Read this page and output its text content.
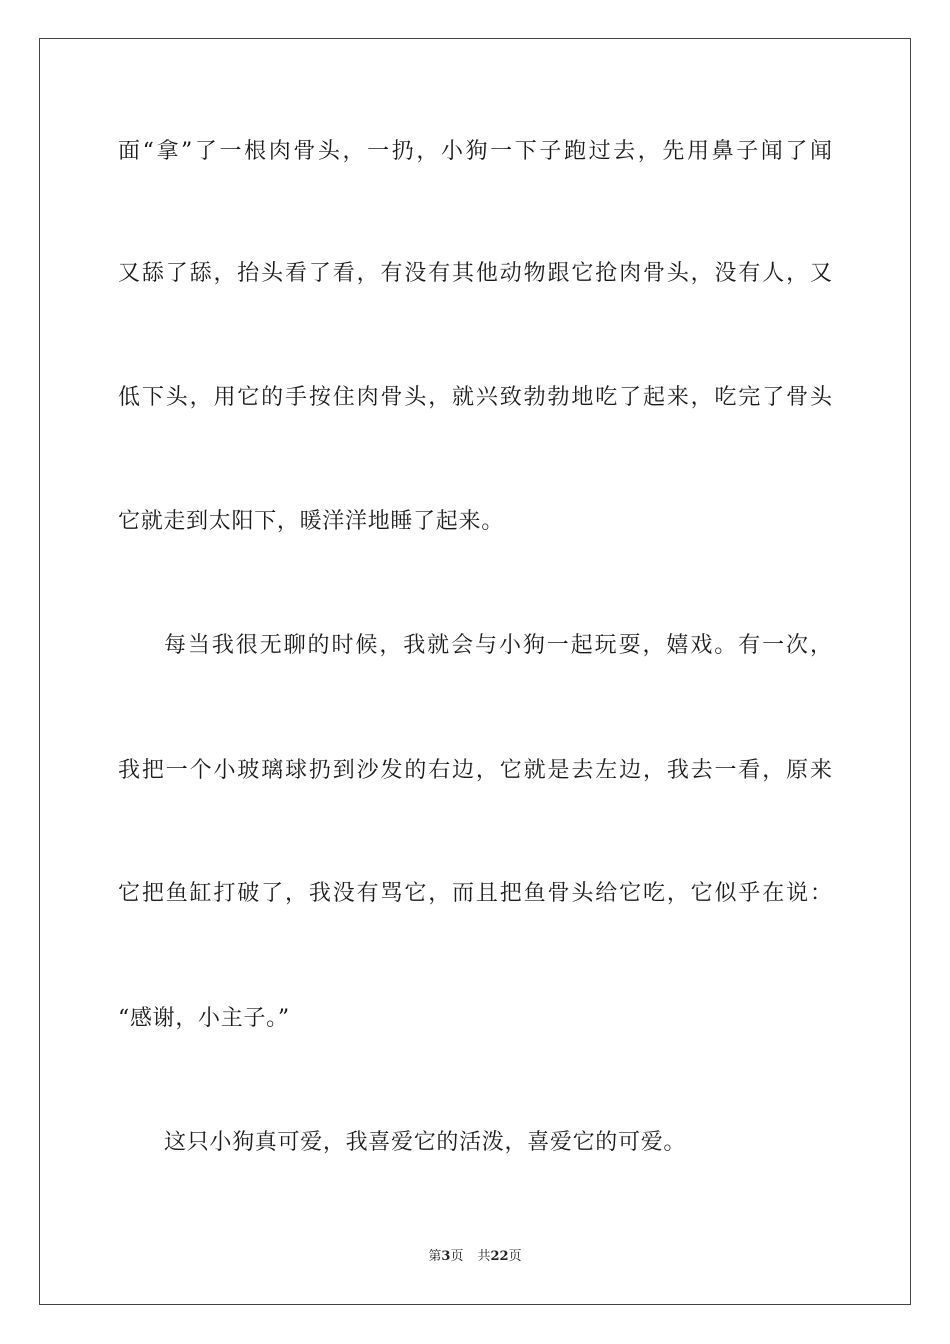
面“拿”了一根肉骨头，一扔，小狗一下子跑过去，先用鼻子闻了闻
又舔了舔，抬头看了看，有没有其他动物跟它抢肉骨头，没有人，又
低下头，用它的手按住肉骨头，就兴致勃勃地吃了起来，吃完了骨头
它就走到太阳下，暖洋洋地睡了起来。
每当我很无聊的时候，我就会与小狗一起玩耍，嬉戏。有一次，
我把一个小玻璃球扔到沙发的右边，它就是去左边，我去一看，原来
它把鱼缸打破了，我没有骂它，而且把鱼骨头给它吃，它似乎在说：
“感谢，小主子。”
这只小狗真可爱，我喜爱它的活泼，喜爱它的可爱。
第3页 共22页
